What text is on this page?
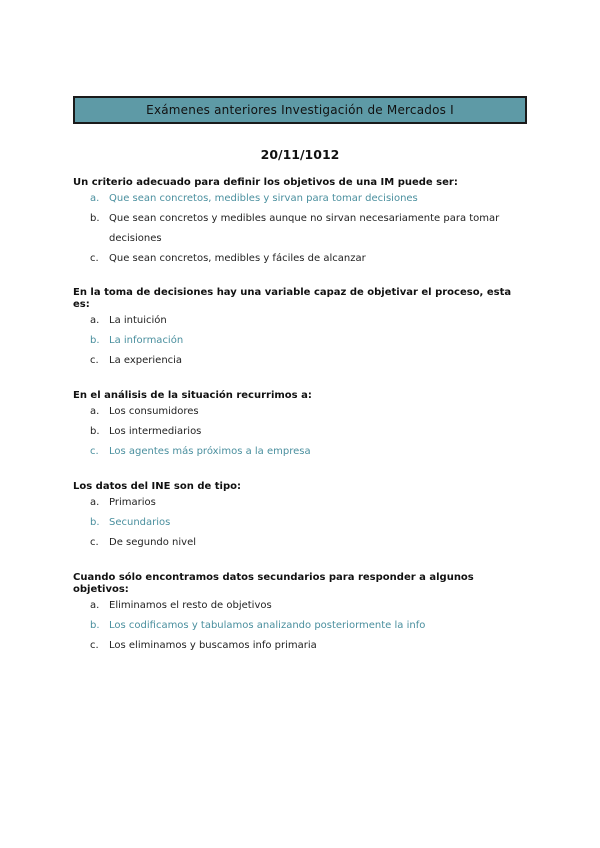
Exámenes anteriores Investigación de Mercados I
20/11/1012
Un criterio adecuado para definir los objetivos de una IM puede ser:
a. Que sean concretos, medibles y sirvan para tomar decisiones
b. Que sean concretos y medibles aunque no sirvan necesariamente para tomar decisiones
c.	Que sean concretos, medibles y fáciles de alcanzar
En la toma de decisiones hay una variable capaz de objetivar el proceso, esta es:
a. La intuición
b. La información
c.	La experiencia
En el análisis de la situación recurrimos a:
a. Los consumidores
b. Los intermediarios
c.	Los agentes más próximos a la empresa
Los datos del INE son de tipo:
a. Primarios
b. Secundarios
c.	De segundo nivel
Cuando sólo encontramos datos secundarios para responder a algunos objetivos:
a. Eliminamos el resto de objetivos
b. Los codificamos y tabulamos analizando posteriormente la info
c.	Los eliminamos y buscamos info primaria
